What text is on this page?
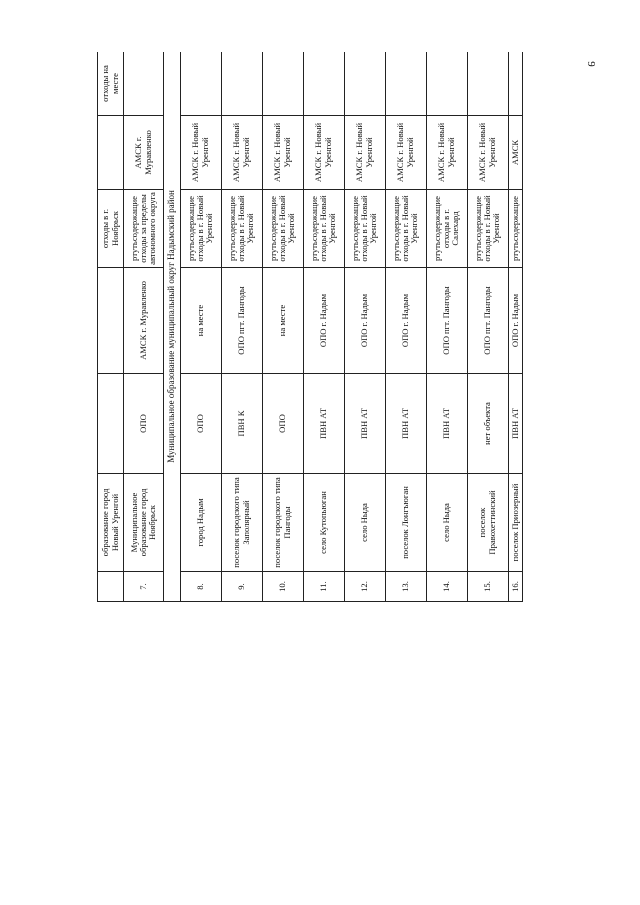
9
	образование город Новый Уренгой			отходы в г. Ноябрьск		отходы на месте
7.	Муниципальное образование город Ноябрьск	ОПО	АМСК г. Муравленко	ртутьсодержащие отходы за пределы автономного округа	АМСК г. Муравленко	
Муниципальное образование муниципальный округ Надымский район						
8.	город Надым	ОПО	на месте	ртутьсодержащие отходы в г. Новый Уренгой	АМСК г. Новый Уренгой	
9.	поселок городского типа Заполярный	ПВН К	ОПО пгт. Пангоды	ртутьсодержащие отходы в г. Новый Уренгой	АМСК г. Новый Уренгой	
10.	поселок городского типа Пангоды	ОПО	на месте	ртутьсодержащие отходы в г. Новый Уренгой	АМСК г. Новый Уренгой	
11.	село Кутопьюган	ПВН АТ	ОПО г. Надым	ртутьсодержащие отходы в г. Новый Уренгой	АМСК г. Новый Уренгой	
12.	село Ныда	ПВН АТ	ОПО г. Надым	ртутьсодержащие отходы в г. Новый Уренгой	АМСК г. Новый Уренгой	
13.	поселок Лонгъюган	ПВН АТ	ОПО г. Надым	ртутьсодержащие отходы в г. Новый Уренгой	АМСК г. Новый Уренгой	
14.	село Ныда	ПВН АТ	ОПО пгт. Пангоды	ртутьсодержащие отходы в г. Салехард	АМСК г. Новый Уренгой	
15.	поселок Правохеттинский	нет объекта	ОПО пгт. Пангоды	ртутьсодержащие отходы в г. Новый Уренгой	АМСК г. Новый Уренгой	
16.	поселок Приозерный	ПВН АТ	ОПО г. Надым	ртутьсодержащие	АМСК	
